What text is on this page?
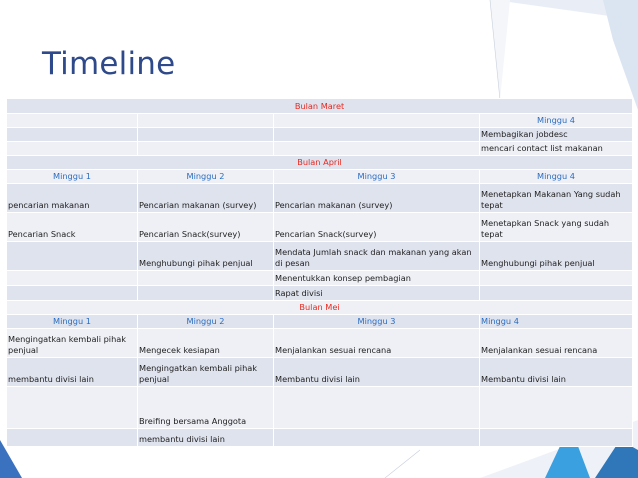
Timeline
Bulan Maret			
			Minggu 4
			Membagikan jobdesc
			mencari contact list makanan
Bulan April			
Minggu 1	Minggu 2	Minggu 3	Minggu 4
pencarian makanan	Pencarian makanan (survey)	Pencarian makanan (survey)	Menetapkan Makanan Yang sudah tepat
Pencarian Snack	Pencarian Snack(survey)	Pencarian Snack(survey)	Menetapkan Snack yang sudah tepat
	Menghubungi pihak penjual	Mendata Jumlah snack dan makanan yang akan di pesan	Menghubungi pihak penjual
		Menentukkan konsep pembagian	
		Rapat divisi	
Bulan Mei			
Minggu 1	Minggu 2	Minggu 3	Minggu 4
Mengingatkan kembali pihak penjual	Mengecek kesiapan	Menjalankan sesuai rencana	Menjalankan sesuai rencana
membantu divisi lain	Mengingatkan kembali pihak penjual	Membantu divisi lain	Membantu divisi lain
	Breifing bersama Anggota		
	membantu divisi lain		
